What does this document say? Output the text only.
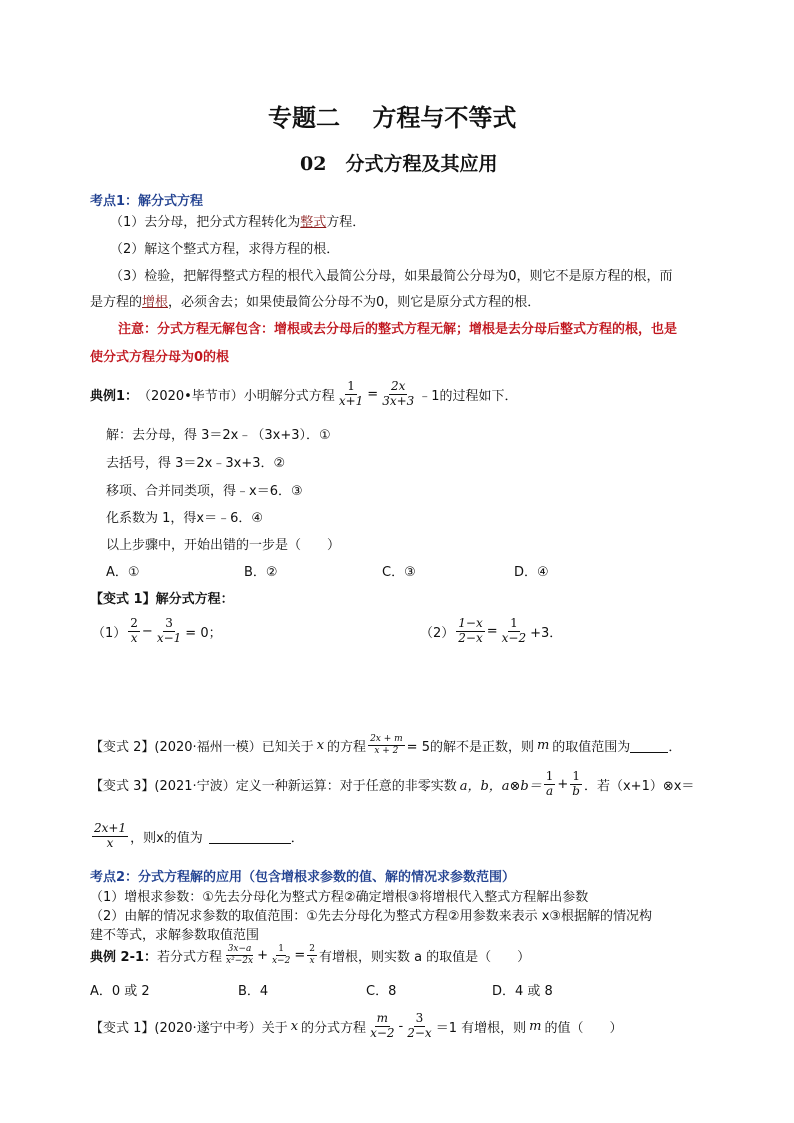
专题二　 方程与不等式
02　分式方程及其应用
考点1：解分式方程
（1）去分母，把分式方程转化为整式方程．
（2）解这个整式方程，求得方程的根．
（3）检验，把解得整式方程的根代入最简公分母，如果最简公分母为0，则它不是原方程的根，而
是方程的增根，必须舍去；如果使最简公分母不为0，则它是原分式方程的根．
注意：分式方程无解包含：增根或去分母后的整式方程无解；增根是去分母后整式方程的根，也是
使分式方程分母为0的根
典例1： （2020•毕节市）小明解分式方程 $\frac{1}{x+1} = \frac{2x}{3x+3}$ ﹣1的过程如下．
解：去分母，得 3＝2x﹣（3x+3）．①
去括号，得 3＝2x﹣3x+3．②
移项、合并同类项，得﹣x＝6．③
化系数为 1，得x＝﹣6．④
以上步骤中，开始出错的一步是（　　）
A．①	B．②	C．③	D．④
【变式 1】解分式方程：
$(1) \frac{2}{x} - \frac{3}{x-1} = 0$；	$(2) \frac{1-x}{2-x} = \frac{1}{x-2} +3$．
【变式 2】(2020·福州一模）已知关于 x 的方程 $\frac{2x + m}{x + 2} = 5$的解不是正数，则 m 的取值范围为	．
【变式 3】(2021·宁波）定义一种新运算：对于任意的非零实数 a，b，a⊗b＝ $\frac{1}{a} + \frac{1}{b}$ ．若（x+1）⊗x＝
$\frac{2x+1}{x}$ ，则x的值为	．
考点2：分式方程解的应用（包含增根求参数的值、解的情况求参数范围）
（1）增根求参数：①先去分母化为整式方程②确定增根③将增根代入整式方程解出参数
（2）由解的情况求参数的取值范围：①先去分母化为整式方程②用参数来表示 x③根据解的情况构
建不等式，求解参数取值范围
典例 2-1： 若分式方程 $\frac{3x-a}{\text{x²−2x}} + \frac{1}{x-2} = \frac{2}{x}$ 有增根，则实数 a 的取值是（　　）
A．0 或 2	B．4	C．8	D．4 或 8
【变式 1】(2020·遂宁中考）关于 x 的分式方程 $\frac{m}{x-2} - \frac{3}{2-x} =1$ 有增根，则 m 的值（　　）
